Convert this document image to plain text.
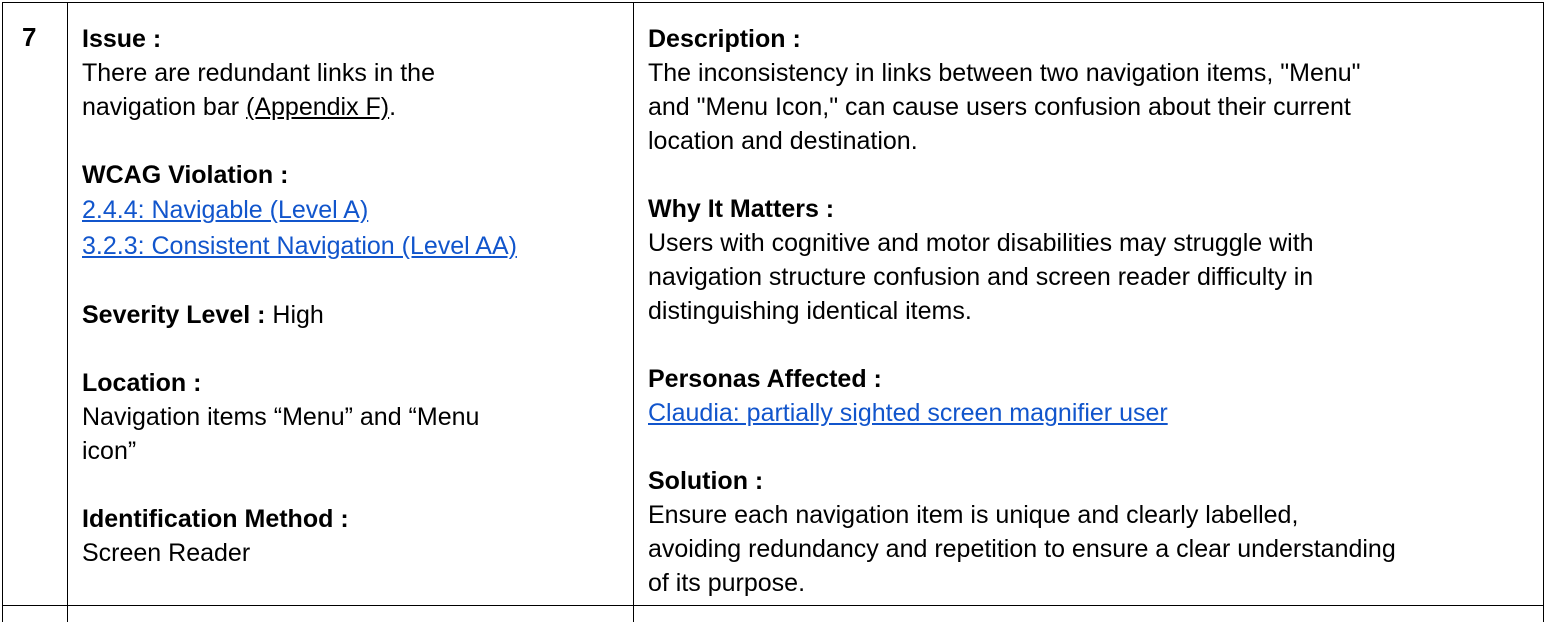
7 Issue :
There are redundant links in the
navigation bar (Appendix F).
WCAG Violation :
2.4.4: Navigable (Level A)
3.2.3: Consistent Navigation (Level AA)
Severity Level : High
Location :
Navigation items “Menu” and “Menu
icon”
Identification Method :
Screen Reader
Description :
The inconsistency in links between two navigation items, "Menu"
and "Menu Icon," can cause users confusion about their current
location and destination.
Why It Matters :
Users with cognitive and motor disabilities may struggle with
navigation structure confusion and screen reader difficulty in
distinguishing identical items.
Personas Affected :
Claudia: partially sighted screen magnifier user
Solution :
Ensure each navigation item is unique and clearly labelled,
avoiding redundancy and repetition to ensure a clear understanding
of its purpose.
